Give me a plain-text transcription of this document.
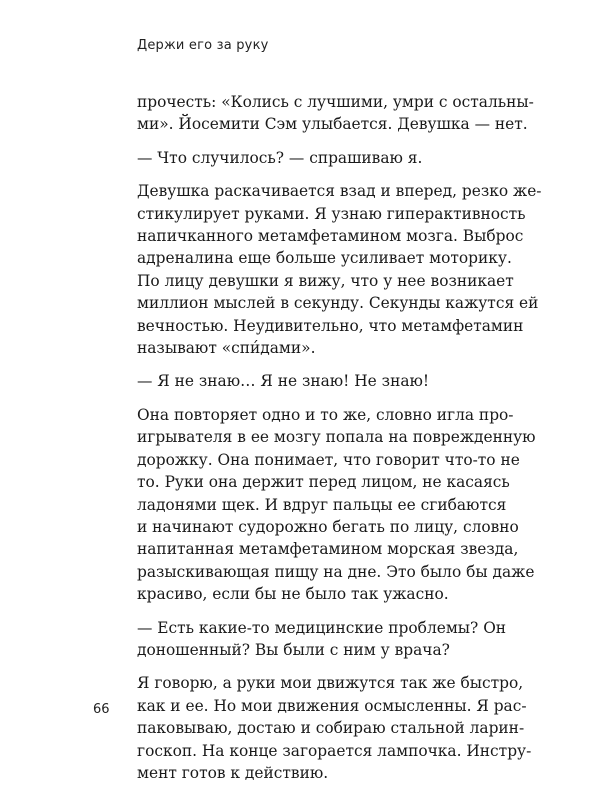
Держи его за руку

прочесть: «Колись с лучшими, умри с остальны-
ми». Йосемити Сэм улыбается. Девушка — нет.

— Что случилось? — спрашиваю я.

Девушка раскачивается взад и вперед, резко же-
стикулирует руками. Я узнаю гиперактивность
напичканного метамфетамином мозга. Выброс
адреналина еще больше усиливает моторику.
По лицу девушки я вижу, что у нее возникает
миллион мыслей в секунду. Секунды кажутся ей
вечностью. Неудивительно, что метамфетамин
называют «спи́дами».

— Я не знаю… Я не знаю! Не знаю!

Она повторяет одно и то же, словно игла про-
игрывателя в ее мозгу попала на поврежденную
дорожку. Она понимает, что говорит что-то не
то. Руки она держит перед лицом, не касаясь
ладонями щек. И вдруг пальцы ее сгибаются
и начинают судорожно бегать по лицу, словно
напитанная метамфетамином морская звезда,
разыскивающая пищу на дне. Это было бы даже
красиво, если бы не было так ужасно.

— Есть какие-то медицинские проблемы? Он
доношенный? Вы были с ним у врача?

Я говорю, а руки мои движутся так же быстро,
как и ее. Но мои движения осмысленны. Я рас-
паковываю, достаю и собираю стальной ларин-
госкоп. На конце загорается лампочка. Инстру-
мент готов к действию.

66
